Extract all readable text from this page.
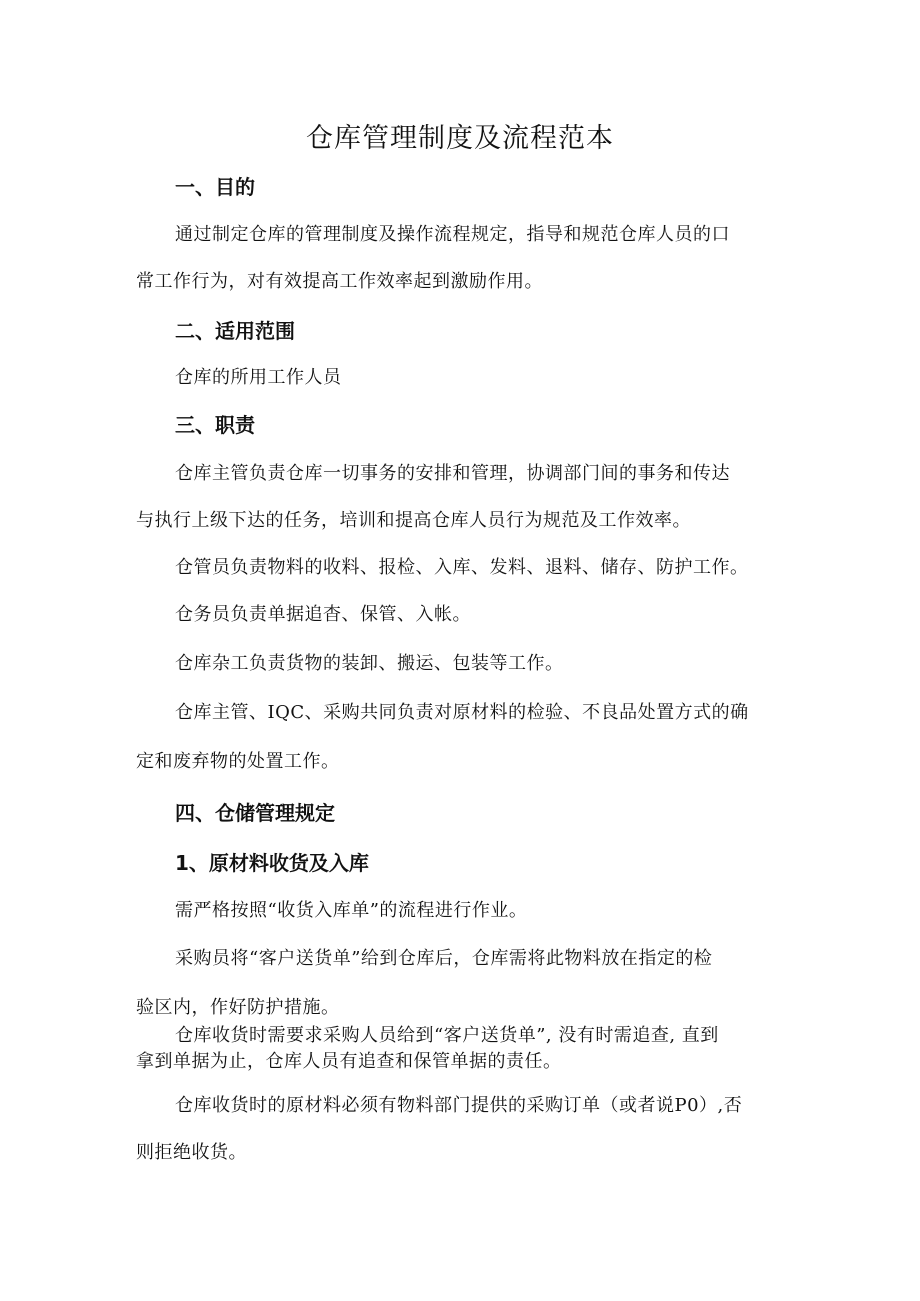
仓库管理制度及流程范本
一、目的
通过制定仓库的管理制度及操作流程规定，指导和规范仓库人员的口
常工作行为，对有效提高工作效率起到激励作用。
二、适用范围
仓库的所用工作人员
三、职责
仓库主管负责仓库一切事务的安排和管理，协调部门间的事务和传达
与执行上级下达的任务，培训和提高仓库人员行为规范及工作效率。
仓管员负责物料的收料、报检、入库、发料、退料、储存、防护工作。
仓务员负责单据追杳、保管、入帐。
仓库杂工负责货物的装卸、搬运、包装等工作。
仓库主管、IQC、采购共同负责对原材料的检验、不良品处置方式的确
定和废弃物的处置工作。
四、仓储管理规定
1、原材料收货及入库
需严格按照“收货入库单”的流程进行作业。
采购员将“客户送货单”给到仓库后，仓库需将此物料放在指定的检
验区内，作好防护措施。
仓库收货时需要求采购人员给到“客户送货单”, 没有时需追查, 直到
拿到单据为止，仓库人员有追查和保管单据的责任。
仓库收货时的原材料必须有物料部门提供的采购订单（或者说P0）,否
则拒绝收货。
